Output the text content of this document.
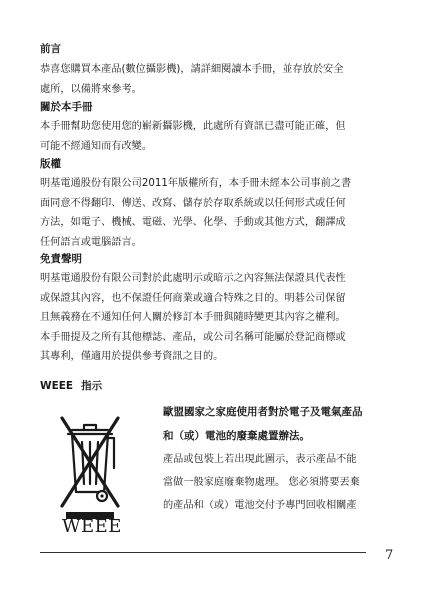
前言
恭喜您購買本產品(數位攝影機)，請詳細閱讀本手冊，並存放於安全
處所，以備將來參考。
關於本手冊
本手冊幫助您使用您的嶄新攝影機，此處所有資訊已盡可能正確，但
可能不經通知而有改變。
版權
明基電通股份有限公司2011年版權所有，本手冊未經本公司事前之書
面同意不得翻印、傳送、改寫、儲存於存取系統或以任何形式或任何
方法，如電子、機械、電磁、光學、化學、手動或其他方式，翻譯成
任何語言或電腦語言。
免責聲明
明基電通股份有限公司對於此處明示或暗示之內容無法保證具代表性
或保證其內容，也不保證任何商業或適合特殊之目的。明碁公司保留
且無義務在不通知任何人關於修訂本手冊與隨時變更其內容之權利。
本手冊提及之所有其他標誌、產品，或公司名稱可能屬於登記商標或
其專利，僅適用於提供參考資訊之目的。
WEEE 指示
WEEE
歐盟國家之家庭使用者對於電子及電氣產品
和（或）電池的廢棄處置辦法。
產品或包裝上若出現此圖示，表示產品不能
當做一般家庭廢棄物處理。 您必須將要丟棄
的產品和（或）電池交付予專門回收相關產
7
